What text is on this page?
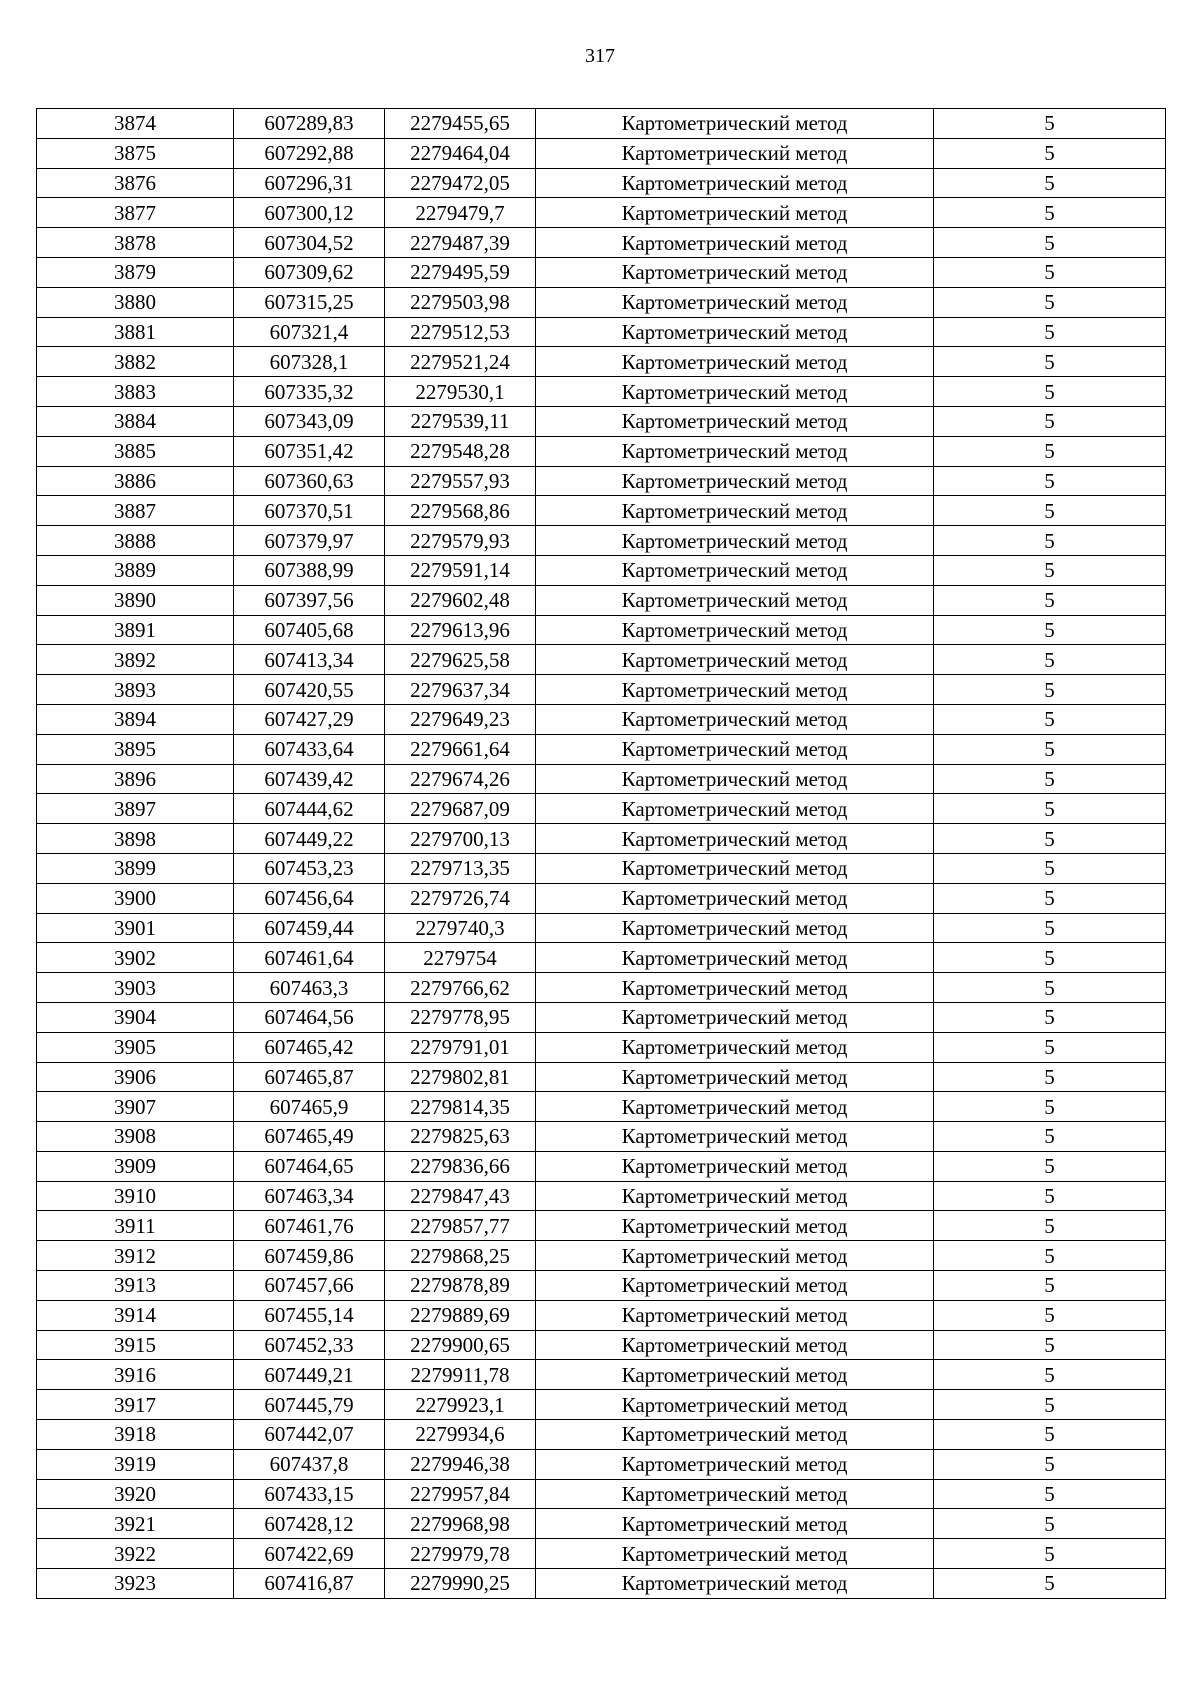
317
3874	607289,83	2279455,65	Картометрический метод	5
3875	607292,88	2279464,04	Картометрический метод	5
3876	607296,31	2279472,05	Картометрический метод	5
3877	607300,12	2279479,7	Картометрический метод	5
3878	607304,52	2279487,39	Картометрический метод	5
3879	607309,62	2279495,59	Картометрический метод	5
3880	607315,25	2279503,98	Картометрический метод	5
3881	607321,4	2279512,53	Картометрический метод	5
3882	607328,1	2279521,24	Картометрический метод	5
3883	607335,32	2279530,1	Картометрический метод	5
3884	607343,09	2279539,11	Картометрический метод	5
3885	607351,42	2279548,28	Картометрический метод	5
3886	607360,63	2279557,93	Картометрический метод	5
3887	607370,51	2279568,86	Картометрический метод	5
3888	607379,97	2279579,93	Картометрический метод	5
3889	607388,99	2279591,14	Картометрический метод	5
3890	607397,56	2279602,48	Картометрический метод	5
3891	607405,68	2279613,96	Картометрический метод	5
3892	607413,34	2279625,58	Картометрический метод	5
3893	607420,55	2279637,34	Картометрический метод	5
3894	607427,29	2279649,23	Картометрический метод	5
3895	607433,64	2279661,64	Картометрический метод	5
3896	607439,42	2279674,26	Картометрический метод	5
3897	607444,62	2279687,09	Картометрический метод	5
3898	607449,22	2279700,13	Картометрический метод	5
3899	607453,23	2279713,35	Картометрический метод	5
3900	607456,64	2279726,74	Картометрический метод	5
3901	607459,44	2279740,3	Картометрический метод	5
3902	607461,64	2279754	Картометрический метод	5
3903	607463,3	2279766,62	Картометрический метод	5
3904	607464,56	2279778,95	Картометрический метод	5
3905	607465,42	2279791,01	Картометрический метод	5
3906	607465,87	2279802,81	Картометрический метод	5
3907	607465,9	2279814,35	Картометрический метод	5
3908	607465,49	2279825,63	Картометрический метод	5
3909	607464,65	2279836,66	Картометрический метод	5
3910	607463,34	2279847,43	Картометрический метод	5
3911	607461,76	2279857,77	Картометрический метод	5
3912	607459,86	2279868,25	Картометрический метод	5
3913	607457,66	2279878,89	Картометрический метод	5
3914	607455,14	2279889,69	Картометрический метод	5
3915	607452,33	2279900,65	Картометрический метод	5
3916	607449,21	2279911,78	Картометрический метод	5
3917	607445,79	2279923,1	Картометрический метод	5
3918	607442,07	2279934,6	Картометрический метод	5
3919	607437,8	2279946,38	Картометрический метод	5
3920	607433,15	2279957,84	Картометрический метод	5
3921	607428,12	2279968,98	Картометрический метод	5
3922	607422,69	2279979,78	Картометрический метод	5
3923	607416,87	2279990,25	Картометрический метод	5
